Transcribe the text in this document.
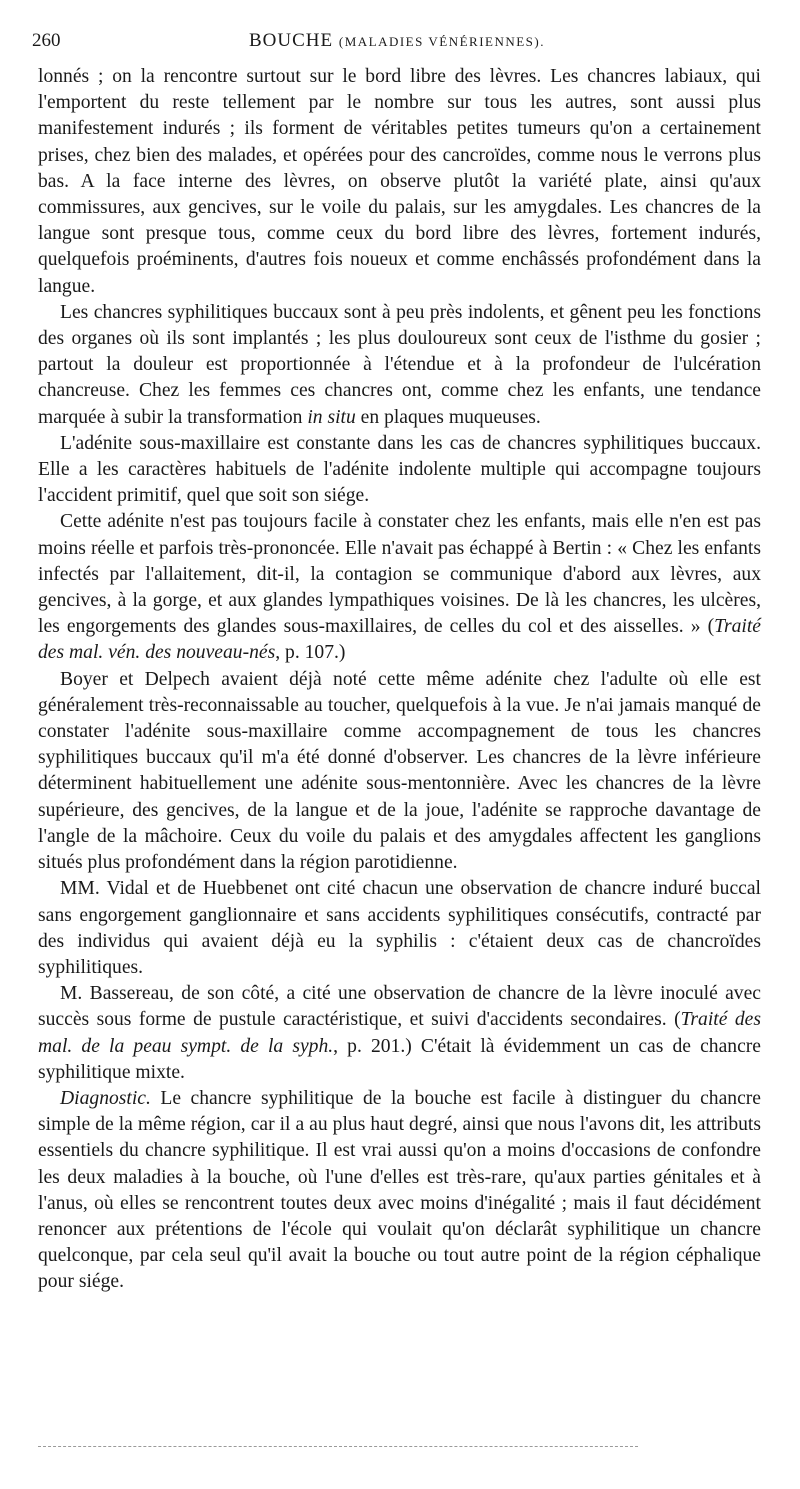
260	BOUCHE (MALADIES VÉNÉRIENNES).

lonnés ; on la rencontre surtout sur le bord libre des lèvres. Les chancres labiaux, qui l'emportent du reste tellement par le nombre sur tous les autres, sont aussi plus manifestement indurés ; ils forment de véritables petites tumeurs qu'on a certainement prises, chez bien des malades, et opérées pour des cancroïdes, comme nous le verrons plus bas. A la face interne des lèvres, on observe plutôt la variété plate, ainsi qu'aux commissures, aux gencives, sur le voile du palais, sur les amygdales. Les chancres de la langue sont presque tous, comme ceux du bord libre des lèvres, fortement indurés, quelquefois proéminents, d'autres fois noueux et comme enchâssés profondément dans la langue.

Les chancres syphilitiques buccaux sont à peu près indolents, et gênent peu les fonctions des organes où ils sont implantés ; les plus douloureux sont ceux de l'isthme du gosier ; partout la douleur est proportionnée à l'étendue et à la profondeur de l'ulcération chancreuse. Chez les femmes ces chancres ont, comme chez les enfants, une tendance marquée à subir la transformation in situ en plaques muqueuses.

L'adénite sous-maxillaire est constante dans les cas de chancres syphilitiques buccaux. Elle a les caractères habituels de l'adénite indolente multiple qui accompagne toujours l'accident primitif, quel que soit son siége.

Cette adénite n'est pas toujours facile à constater chez les enfants, mais elle n'en est pas moins réelle et parfois très-prononcée. Elle n'avait pas échappé à Bertin : « Chez les enfants infectés par l'allaitement, dit-il, la contagion se communique d'abord aux lèvres, aux gencives, à la gorge, et aux glandes lympathiques voisines. De là les chancres, les ulcères, les engorgements des glandes sous-maxillaires, de celles du col et des aisselles. » (Traité des mal. vén. des nouveau-nés, p. 107.)

Boyer et Delpech avaient déjà noté cette même adénite chez l'adulte où elle est généralement très-reconnaissable au toucher, quelquefois à la vue. Je n'ai jamais manqué de constater l'adénite sous-maxillaire comme accompagnement de tous les chancres syphilitiques buccaux qu'il m'a été donné d'observer. Les chancres de la lèvre inférieure déterminent habituellement une adénite sous-mentonnière. Avec les chancres de la lèvre supérieure, des gencives, de la langue et de la joue, l'adénite se rapproche davantage de l'angle de la mâchoire. Ceux du voile du palais et des amygdales affectent les ganglions situés plus profondément dans la région parotidienne.

MM. Vidal et de Huebbenet ont cité chacun une observation de chancre induré buccal sans engorgement ganglionnaire et sans accidents syphilitiques consécutifs, contracté par des individus qui avaient déjà eu la syphilis : c'étaient deux cas de chancroïdes syphilitiques.

M. Bassereau, de son côté, a cité une observation de chancre de la lèvre inoculé avec succès sous forme de pustule caractéristique, et suivi d'accidents secondaires. (Traité des mal. de la peau sympt. de la syph., p. 201.) C'était là évidemment un cas de chancre syphilitique mixte.

Diagnostic. Le chancre syphilitique de la bouche est facile à distinguer du chancre simple de la même région, car il a au plus haut degré, ainsi que nous l'avons dit, les attributs essentiels du chancre syphilitique. Il est vrai aussi qu'on a moins d'occasions de confondre les deux maladies à la bouche, où l'une d'elles est très-rare, qu'aux parties génitales et à l'anus, où elles se rencontrent toutes deux avec moins d'inégalité ; mais il faut décidément renoncer aux prétentions de l'école qui voulait qu'on déclarât syphilitique un chancre quelconque, par cela seul qu'il avait la bouche ou tout autre point de la région céphalique pour siége.
